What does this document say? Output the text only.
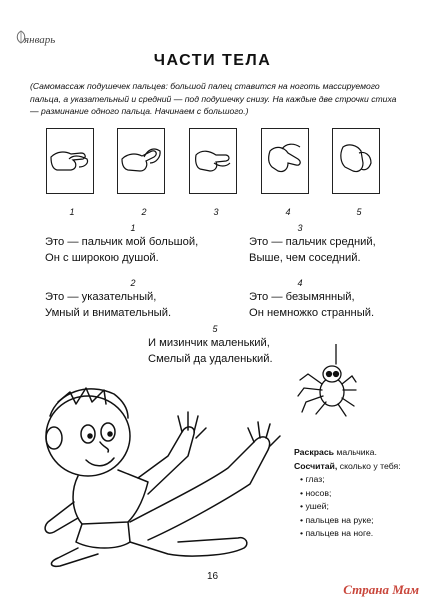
январь
ЧАСТИ ТЕЛА
(Самомассаж подушечек пальцев: большой палец ставится на ноготь массируемого пальца, а указательный и средний — под подушечку снизу. На каждые две строчки стиха — разминание одного пальца. Начинаем с большого.)
1	2	3	4	5
1
Это — пальчик мой большой,
Он с широкою душой.
3
Это — пальчик средний,
Выше, чем соседний.
2
Это — указательный,
Умный и внимательный.
4
Это — безымянный,
Он немножко странный.
5
И мизинчик маленький,
Смелый да удаленький.
Раскрась мальчика.
Сосчитай, сколько у тебя:
• глаз;
• носов;
• ушей;
• пальцев на руке;
• пальцев на ноге.
16
Страна Мам
